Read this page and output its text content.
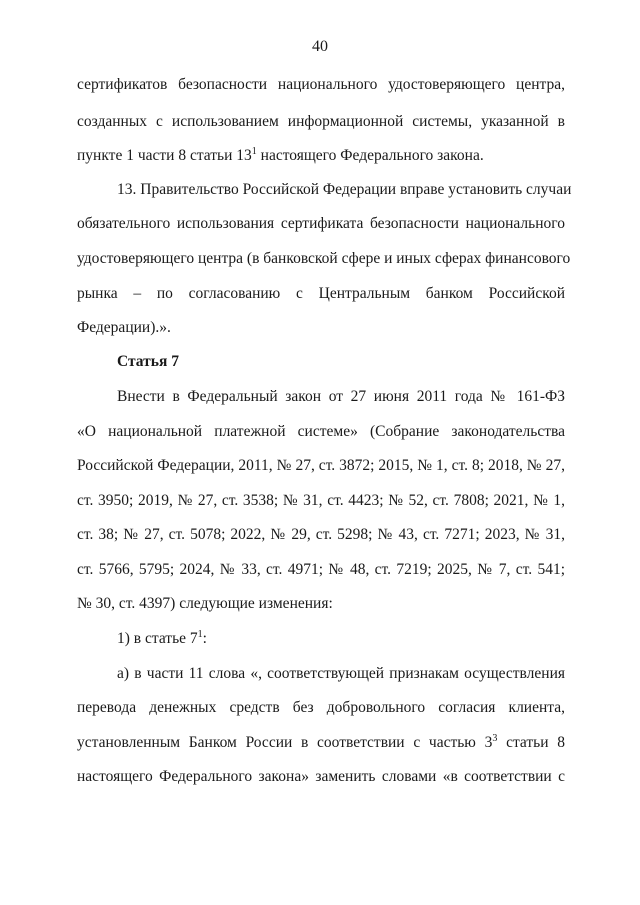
40
сертификатов безопасности национального удостоверяющего центра,
созданных с использованием информационной системы, указанной в
пункте 1 части 8 статьи $13^1$ настоящего Федерального закона.
13. Правительство Российской Федерации вправе установить случаи
обязательного использования сертификата безопасности национального
удостоверяющего центра (в банковской сфере и иных сферах финансового
рынка – по согласованию с Центральным банком Российской
Федерации).».
Статья 7
Внести в Федеральный закон от 27 июня 2011 года № 161-ФЗ
«О национальной платежной системе» (Собрание законодательства
Российской Федерации, 2011, № 27, ст. 3872; 2015, № 1, ст. 8; 2018, № 27,
ст. 3950; 2019, № 27, ст. 3538; № 31, ст. 4423; № 52, ст. 7808; 2021, № 1,
ст. 38; № 27, ст. 5078; 2022, № 29, ст. 5298; № 43, ст. 7271; 2023, № 31,
ст. 5766, 5795; 2024, № 33, ст. 4971; № 48, ст. 7219; 2025, № 7, ст. 541;
№ 30, ст. 4397) следующие изменения:
1) в статье $7^1$:
а) в части 11 слова «, соответствующей признакам осуществления
перевода денежных средств без добровольного согласия клиента,
установленным Банком России в соответствии с частью $3^3$ статьи 8
настоящего Федерального закона» заменить словами «в соответствии с
